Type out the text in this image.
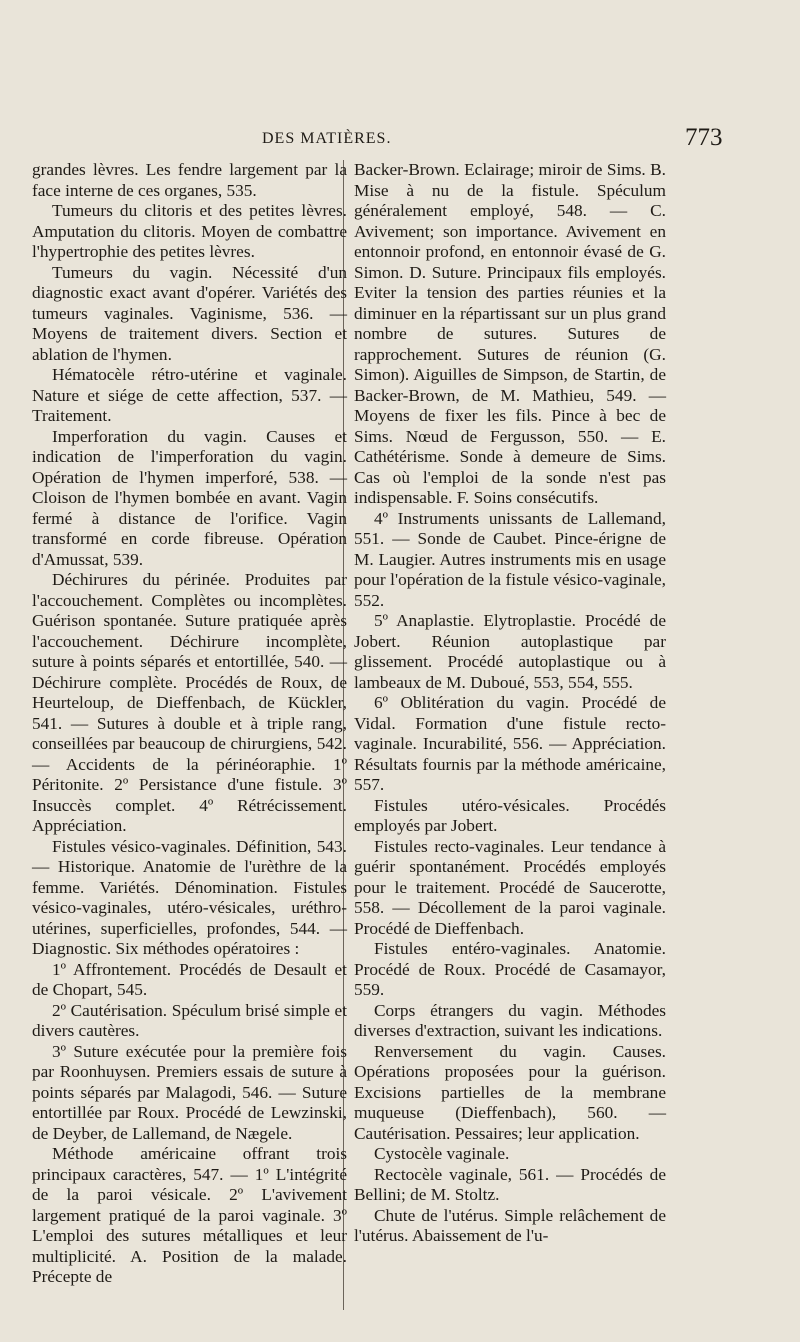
DES MATIÈRES.	773

grandes lèvres. Les fendre largement par la face interne de ces organes, 535.

Tumeurs du clitoris et des petites lèvres. Amputation du clitoris. Moyen de combattre l'hypertrophie des petites lèvres.

Tumeurs du vagin. Nécessité d'un diagnostic exact avant d'opérer. Variétés des tumeurs vaginales. Vaginisme, 536. — Moyens de traitement divers. Section et ablation de l'hymen.

Hématocèle rétro-utérine et vaginale. Nature et siége de cette affection, 537. — Traitement.

Imperforation du vagin. Causes et indication de l'imperforation du vagin. Opération de l'hymen imperforé, 538. — Cloison de l'hymen bombée en avant. Vagin fermé à distance de l'orifice. Vagin transformé en corde fibreuse. Opération d'Amussat, 539.

Déchirures du périnée. Produites par l'accouchement. Complètes ou incomplètes. Guérison spontanée. Suture pratiquée après l'accouchement. Déchirure incomplète, suture à points séparés et entortillée, 540. — Déchirure complète. Procédés de Roux, de Heurteloup, de Dieffenbach, de Kückler, 541. — Sutures à double et à triple rang, conseillées par beaucoup de chirurgiens, 542. — Accidents de la périnéoraphie. 1º Péritonite. 2º Persistance d'une fistule. 3º Insuccès complet. 4º Rétrécissement. Appréciation.

Fistules vésico-vaginales. Définition, 543. — Historique. Anatomie de l'urèthre de la femme. Variétés. Dénomination. Fistules vésico-vaginales, utéro-vésicales, uréthro-utérines, superficielles, profondes, 544. — Diagnostic. Six méthodes opératoires :

1º Affrontement. Procédés de Desault et de Chopart, 545.

2º Cautérisation. Spéculum brisé simple et divers cautères.

3º Suture exécutée pour la première fois par Roonhuysen. Premiers essais de suture à points séparés par Malagodi, 546. — Suture entortillée par Roux. Procédé de Lewzinski, de Deyber, de Lallemand, de Nægele.

Méthode américaine offrant trois principaux caractères, 547. — 1º L'intégrité de la paroi vésicale. 2º L'avivement largement pratiqué de la paroi vaginale. 3º L'emploi des sutures métalliques et leur multiplicité. A. Position de la malade. Précepte de

Backer-Brown. Eclairage; miroir de Sims. B. Mise à nu de la fistule. Spéculum généralement employé, 548. — C. Avivement; son importance. Avivement en entonnoir profond, en entonnoir évasé de G. Simon. D. Suture. Principaux fils employés. Eviter la tension des parties réunies et la diminuer en la répartissant sur un plus grand nombre de sutures. Sutures de rapprochement. Sutures de réunion (G. Simon). Aiguilles de Simpson, de Startin, de Backer-Brown, de M. Mathieu, 549. — Moyens de fixer les fils. Pince à bec de Sims. Nœud de Fergusson, 550. — E. Cathétérisme. Sonde à demeure de Sims. Cas où l'emploi de la sonde n'est pas indispensable. F. Soins consécutifs.

4º Instruments unissants de Lallemand, 551. — Sonde de Caubet. Pince-érigne de M. Laugier. Autres instruments mis en usage pour l'opération de la fistule vésico-vaginale, 552.

5º Anaplastie. Elytroplastie. Procédé de Jobert. Réunion autoplastique par glissement. Procédé autoplastique ou à lambeaux de M. Duboué, 553, 554, 555.

6º Oblitération du vagin. Procédé de Vidal. Formation d'une fistule recto-vaginale. Incurabilité, 556. — Appréciation. Résultats fournis par la méthode américaine, 557.

Fistules utéro-vésicales. Procédés employés par Jobert.

Fistules recto-vaginales. Leur tendance à guérir spontanément. Procédés employés pour le traitement. Procédé de Saucerotte, 558. — Décollement de la paroi vaginale. Procédé de Dieffenbach.

Fistules entéro-vaginales. Anatomie. Procédé de Roux. Procédé de Casamayor, 559.

Corps étrangers du vagin. Méthodes diverses d'extraction, suivant les indications.

Renversement du vagin. Causes. Opérations proposées pour la guérison. Excisions partielles de la membrane muqueuse (Dieffenbach), 560. — Cautérisation. Pessaires; leur application.

Cystocèle vaginale.

Rectocèle vaginale, 561. — Procédés de Bellini; de M. Stoltz.

Chute de l'utérus. Simple relâchement de l'utérus. Abaissement de l'u-
